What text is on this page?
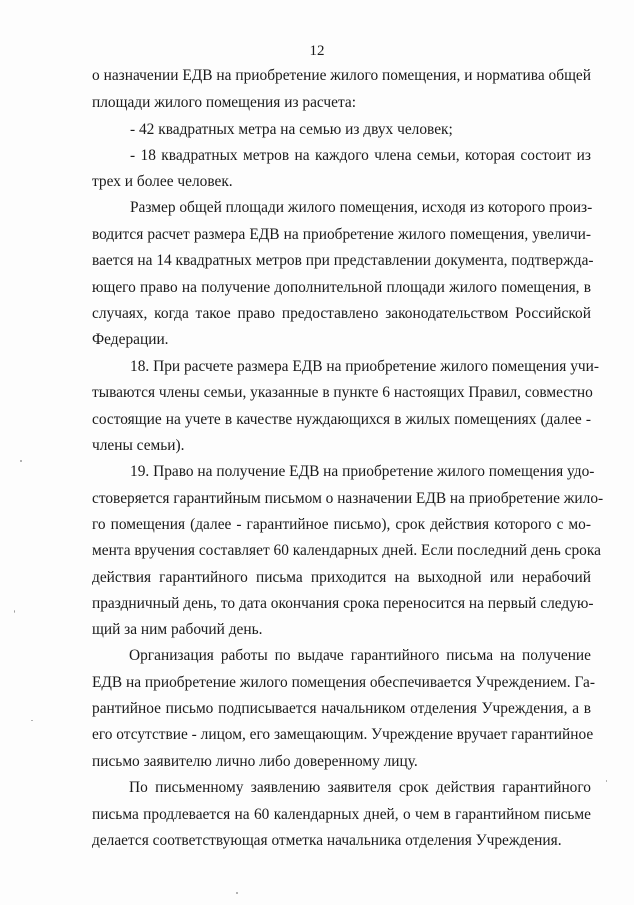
12
о назначении ЕДВ на приобретение жилого помещения, и норматива общей
площади жилого помещения из расчета:
- 42 квадратных метра на семью из двух человек;
- 18 квадратных метров на каждого члена семьи, которая состоит из
трех и более человек.
Размер общей площади жилого помещения, исходя из которого произ-
водится расчет размера ЕДВ на приобретение жилого помещения, увеличи-
вается на 14 квадратных метров при представлении документа, подтвержда-
ющего право на получение дополнительной площади жилого помещения, в
случаях, когда такое право предоставлено законодательством Российской
Федерации.
18. При расчете размера ЕДВ на приобретение жилого помещения учи-
тываются члены семьи, указанные в пункте 6 настоящих Правил, совместно
состоящие на учете в качестве нуждающихся в жилых помещениях (далее -
члены семьи).
19. Право на получение ЕДВ на приобретение жилого помещения удо-
стоверяется гарантийным письмом о назначении ЕДВ на приобретение жило-
го помещения (далее - гарантийное письмо), срок действия которого с мо-
мента вручения составляет 60 календарных дней. Если последний день срока
действия гарантийного письма приходится на выходной или нерабочий
праздничный день, то дата окончания срока переносится на первый следую-
щий за ним рабочий день.
Организация работы по выдаче гарантийного письма на получение
ЕДВ на приобретение жилого помещения обеспечивается Учреждением. Га-
рантийное письмо подписывается начальником отделения Учреждения, а в
его отсутствие - лицом, его замещающим. Учреждение вручает гарантийное
письмо заявителю лично либо доверенному лицу.
По письменному заявлению заявителя срок действия гарантийного
письма продлевается на 60 календарных дней, о чем в гарантийном письме
делается соответствующая отметка начальника отделения Учреждения.
